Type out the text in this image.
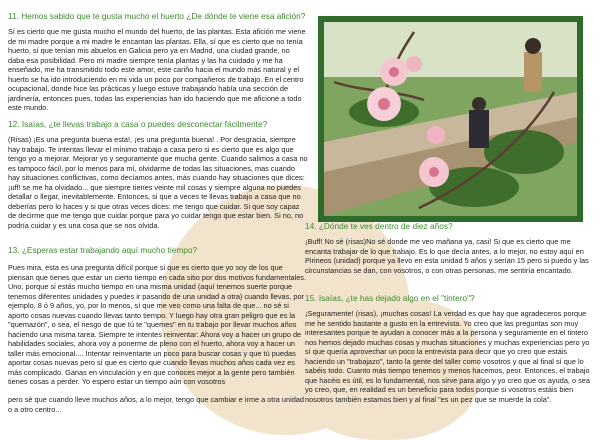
11. Hemos sabido que te gusta mucho el huerto ¿De dónde te viene esa afición?

Sí es cierto que me gusta mucho el mundo del huerto, de las plantas. Esta afición me viene de mi madre porque a mi madre le encantan las plantas. Ella, sí que es cierto que no tenía huerto, sí que tenían mis abuelos en Galicia pero ya en Madrid, una ciudad grande, no daba esa posibilidad. Pero mi madre siempre tenía plantas y las ha cuidado y me ha enseñado, me ha transmitido todo este amor, este cariño hacia el mundo más natural y el huerto se ha ido introduciendo en mi vida un poco por compañeros de trabajo. En el centro ocupacional, donde hice las prácticas y luego estuve trabajando había una sección de jardinería, entonces pues, todas las experiencias han ido haciendo que me aficione a todo este mundo.

12. Isaías, ¿te llevas trabajo a casa o puedes desconectar fácilmente?

(Risas) ¡Es una pregunta buena esta!, ¡es una pregunta buena! . Por desgracia, siempre hay trabajo. Te intentas llevar el mínimo trabajo a casa pero si es cierto que es algo que tengo yo a mejorar. Mejorar yo y seguramente que mucha gente. Cuando salimos a casa no es tampoco fácil, por lo menos para mí, olvidarme de todas las situaciones, mas cuando hay situaciones conflictivas, como decíamos antes, más cuando hay situaciones que dices: ¡uff! se me ha olvidado... que siempre tienes veinte mil cosas y siempre alguna no puedes detallar o llegar, inevitablemente. Entonces, si que a veces te llevas trabajo a casa que no deberías pero lo haces y si que otras veces dices: me tengo que cuidar. Si que soy capaz de decirme que me tengo que cuidar porque para yo cuidar tengo que estar bien. Si no, no podría cuidar y es una cosa que se nos olvida.

13. ¿Esperas estar trabajando aquí mucho tiempo?

Pues mira, esta es una pregunta difícil porque si que es cierto que yo soy de los que piensan que tienes que estar un cierto tiempo en cada sitio por dos motivos fundamentales. Uno, porque si estás mucho tiempo en una misma unidad (aquí tenemos suerte porque tenemos diferentes unidades y puedes ir pasando de una unidad a otra) cuando llevas, por ejemplo, 8 ó 9 años, yo, por lo menos, sí que me veo como una falta de que... no sé si aporto cosas nuevas cuando llevas tanto tiempo. Y luego hay otra gran peligro que es la "quemazón", o sea, el riesgo de que tú te "quemes" en tu trabajo por llevar muchos años haciendo una misma tarea. Siempre te intentes reinventar: Ahora voy a hacer un grupo de habilidades sociales, ahora voy a ponerme de pleno con el huerto, ahora voy a hacer un taller más emocional.... Intentar reinventarte un poco para buscar cosas y que tú puedas aportar cosas nuevas pero sí que es cierto que cuando llevas muchos años cada vez es más complicado. Ganas en vinculación y en que conoces mejor a la gente pero también tienes cosas a perder. Yo espero estar un tiempo aún con vosotros

pero sé que cuando lleve muchos años, a lo mejor, tengo que cambiar e irme a otra unidad o a otro centro...

14. ¿Dónde te ves dentro de diez años?

¡Buff! No sé (risas)No sé donde me veo mañana ya, casi! Si que es cierto que me encanta trabajar de lo que trabajo. Es lo que decía antes, a lo mejor, no estoy aquí en Pirineos (unidad) porque ya llevo en esta unidad 5 años y serían 15 pero si puedo y las circunstancias se dan, con vosotros, o con otras personas, me sentiría encantado.

15. Isaías, ¿te has dejado algo en el "tintero"?

¡Seguramente! (risas), ¡muchas cosas! La verdad es que hay que agradeceros porque me he sentido bastante a gusto en la entrevista. Yo creo que las preguntas son muy interesantes porque te ayudan a conocer más a la persona y seguramente en el tintero nos hemos dejado muchas cosas y muchas situaciones y muchas experiencias pero yo sí que quería aprovechar un poco la entrevista para decir que yo creo que estáis haciendo un "trabajazo", tanto la gente del taller como vosotros y que al final sí que lo sabéis todo. Cuanto más tiempo tenemos y menos hacemos, peor. Entonces, el trabajo que hacéis es útil, es lo fundamental, nos sirve para algo y yo creo que os ayuda, o sea yo creo, que, en realidad es un beneficio para todos porque si vosotros estáis bien nosotros también estamos bien y al final "es un pez que se muerde la cola".
